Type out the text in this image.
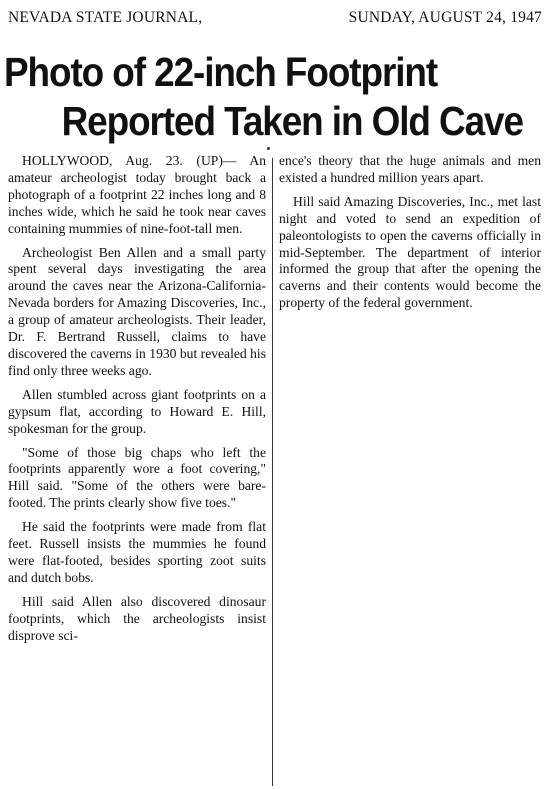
NEVADA STATE JOURNAL,	SUNDAY, AUGUST 24, 1947
Photo of 22-inch Footprint
Reported Taken in Old Cave

HOLLYWOOD, Aug. 23. (UP)— An amateur archeologist today brought back a photograph of a footprint 22 inches long and 8 inches wide, which he said he took near caves containing mummies of nine-foot-tall men.

Archeologist Ben Allen and a small party spent several days investigating the area around the caves near the Arizona-California-Nevada borders for Amazing Discoveries, Inc., a group of amateur archeologists. Their leader, Dr. F. Bertrand Russell, claims to have discovered the caverns in 1930 but revealed his find only three weeks ago.

Allen stumbled across giant footprints on a gypsum flat, according to Howard E. Hill, spokesman for the group.

"Some of those big chaps who left the footprints apparently wore a foot covering," Hill said. "Some of the others were bare-footed. The prints clearly show five toes."

He said the footprints were made from flat feet. Russell insists the mummies he found were flat-footed, besides sporting zoot suits and dutch bobs.

Hill said Allen also discovered dinosaur footprints, which the archeologists insist disprove sci-

ence's theory that the huge animals and men existed a hundred million years apart.

Hill said Amazing Discoveries, Inc., met last night and voted to send an expedition of paleontologists to open the caverns officially in mid-September. The department of interior informed the group that after the opening the caverns and their contents would become the property of the federal government.
